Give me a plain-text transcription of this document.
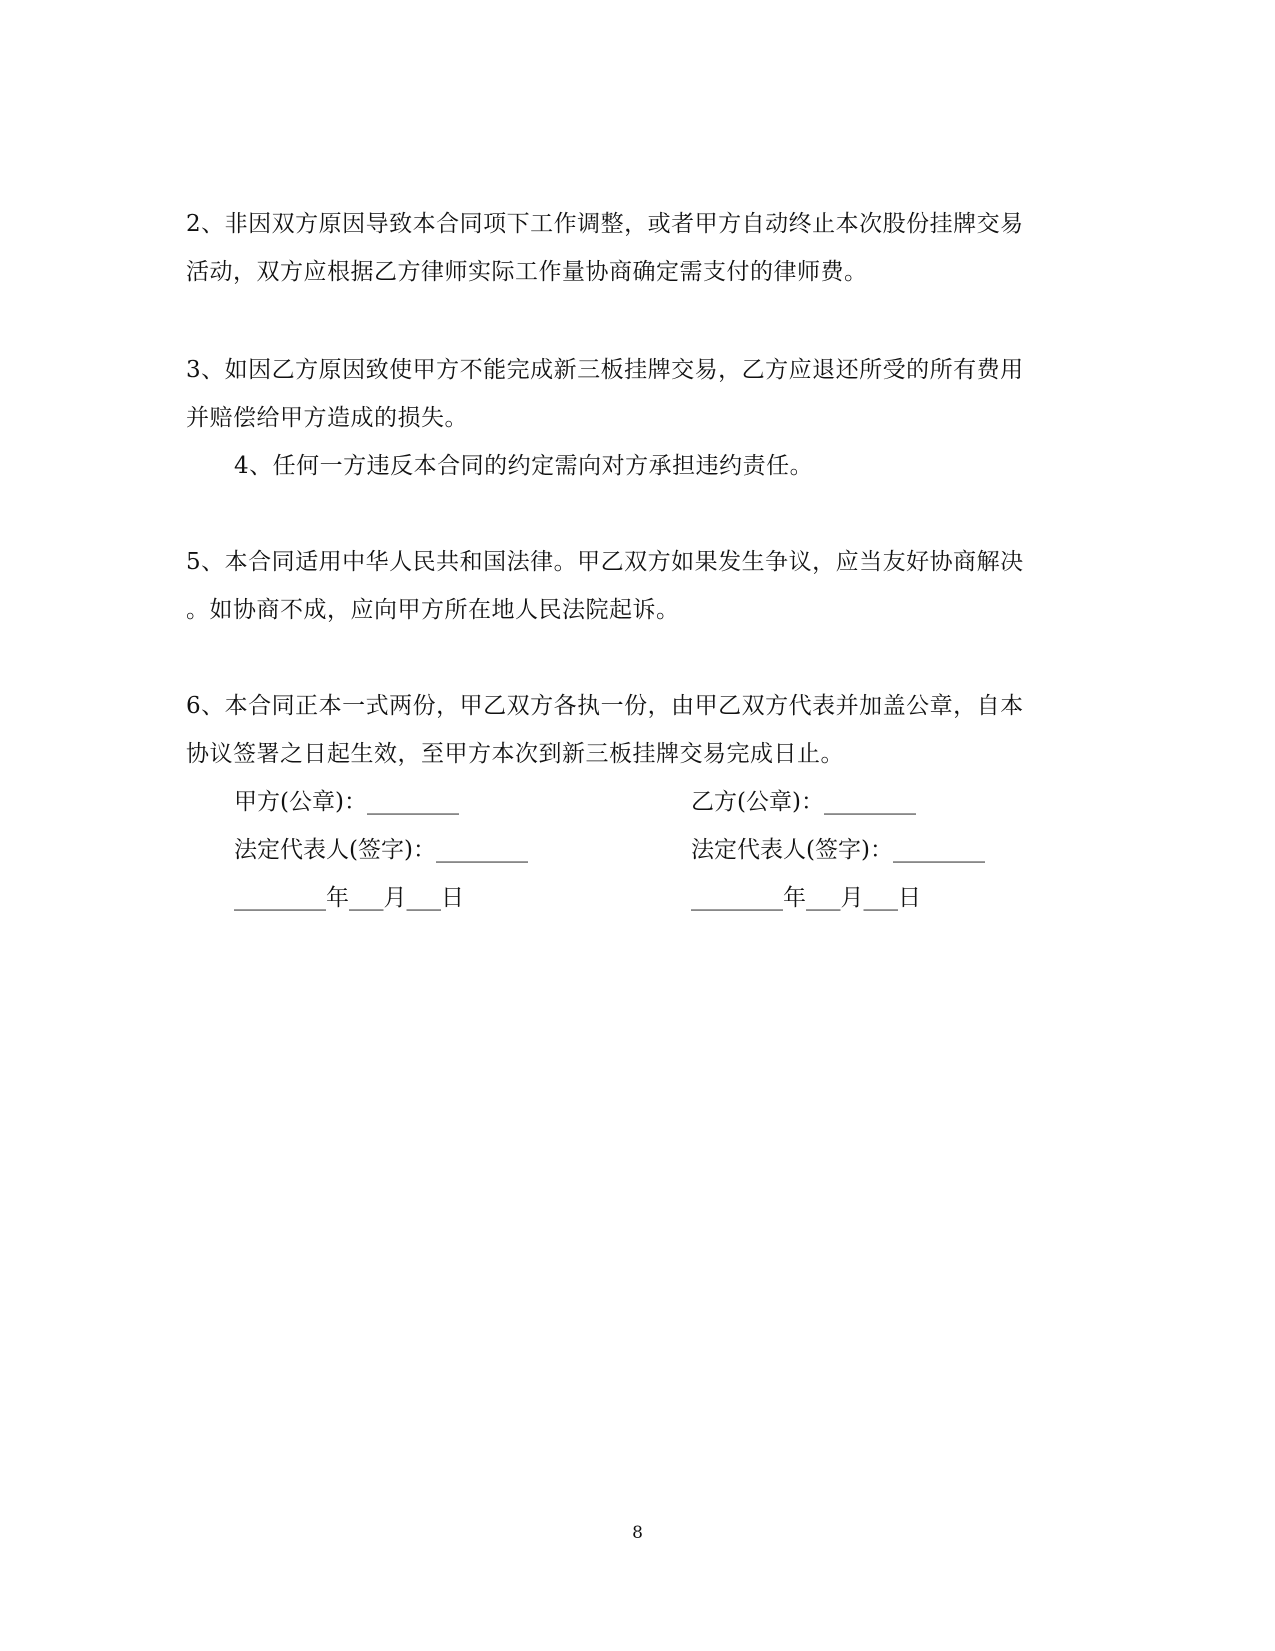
2、非因双方原因导致本合同项下工作调整，或者甲方自动终止本次股份挂牌交易
活动，双方应根据乙方律师实际工作量协商确定需支付的律师费。
3、如因乙方原因致使甲方不能完成新三板挂牌交易，乙方应退还所受的所有费用
并赔偿给甲方造成的损失。
4、任何一方违反本合同的约定需向对方承担违约责任。
5、本合同适用中华人民共和国法律。甲乙双方如果发生争议，应当友好协商解决
。如协商不成，应向甲方所在地人民法院起诉。
6、本合同正本一式两份，甲乙双方各执一份，由甲乙双方代表并加盖公章，自本
协议签署之日起生效，至甲方本次到新三板挂牌交易完成日止。
甲方(公章)：________
法定代表人(签字)：________
________年___月___日
乙方(公章)：________
法定代表人(签字)：________
________年___月___日
8
